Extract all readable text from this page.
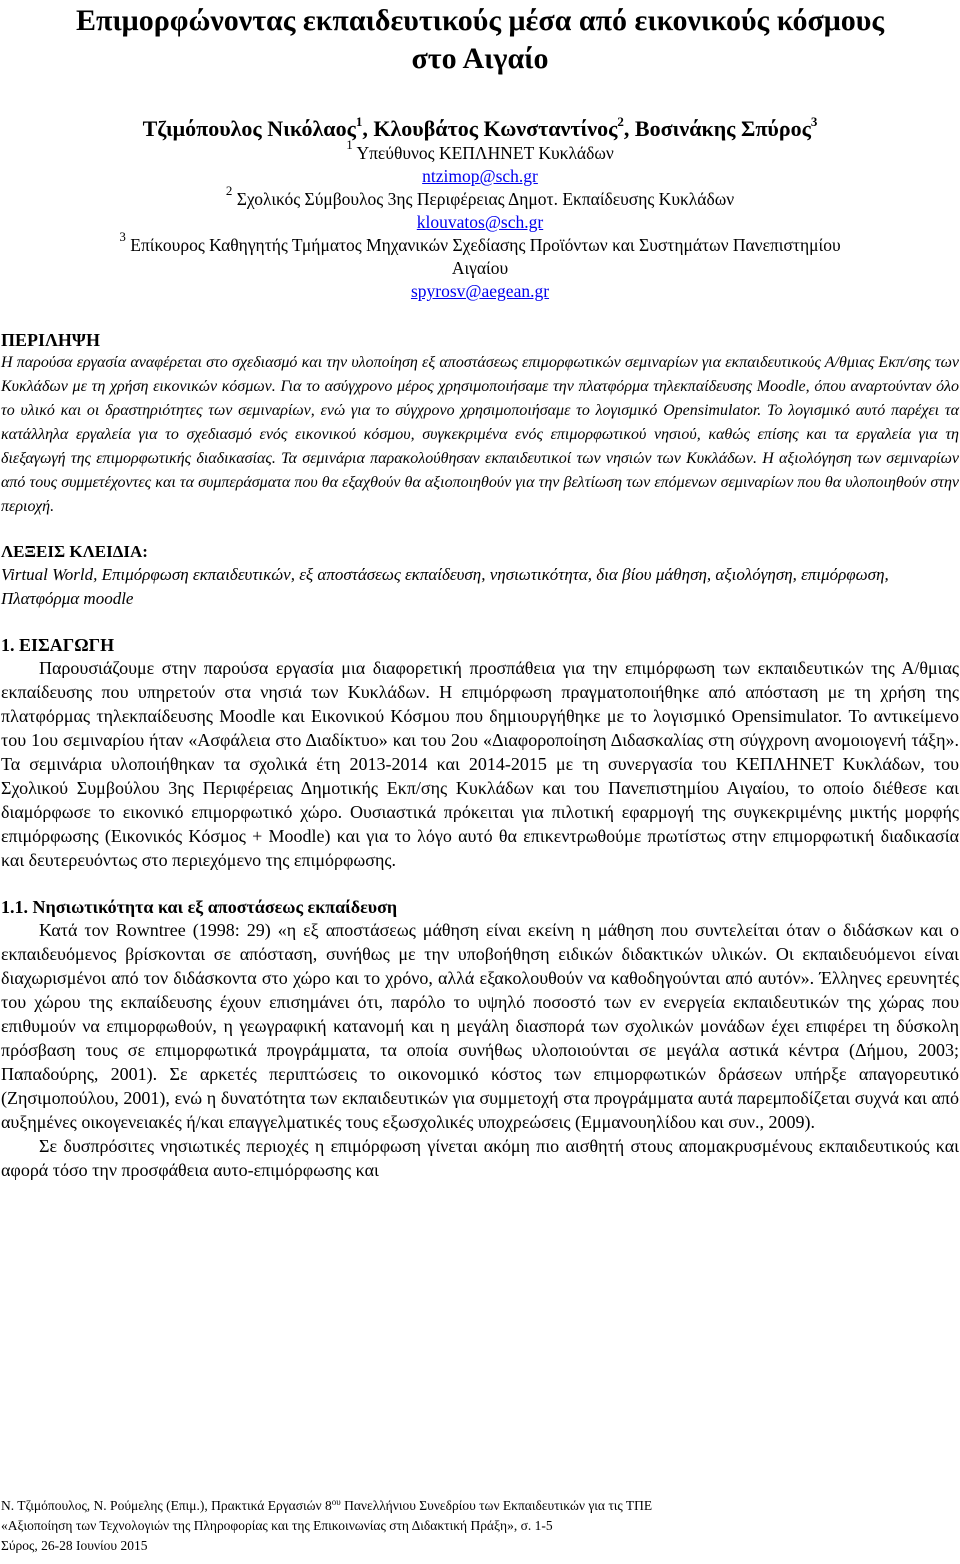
Επιμορφώνοντας εκπαιδευτικούς μέσα από εικονικούς κόσμους
στο Αιγαίο
Τζιμόπουλος Νικόλαος$^1$, Κλουβάτος Κωνσταντίνος$^2$, Βοσινάκης Σπύρος$^3$
$^1$ Υπεύθυνος ΚΕΠΛΗΝΕΤ Κυκλάδων
ntzimop@sch.gr
$^2$ Σχολικός Σύμβουλος 3ης Περιφέρειας Δημοτ. Εκπαίδευσης Κυκλάδων
klouvatos@sch.gr
$^3$ Επίκουρος Καθηγητής Τμήματος Μηχανικών Σχεδίασης Προϊόντων και Συστημάτων Πανεπιστημίου
Αιγαίου
spyrosv@aegean.gr
ΠΕΡΙΛΗΨΗ

Η παρούσα εργασία αναφέρεται στο σχεδιασμό και την υλοποίηση εξ αποστάσεως επιμορφωτικών σεμιναρίων για εκπαιδευτικούς Α/θμιας Εκπ/σης των Κυκλάδων με τη χρήση εικονικών κόσμων. Για το ασύγχρονο μέρος χρησιμοποιήσαμε την πλατφόρμα τηλεκπαίδευσης Moodle, όπου αναρτούνταν όλο το υλικό και οι δραστηριότητες των σεμιναρίων, ενώ για το σύγχρονο χρησιμοποιήσαμε το λογισμικό Opensimulator. Το λογισμικό αυτό παρέχει τα κατάλληλα εργαλεία για το σχεδιασμό ενός εικονικού κόσμου, συγκεκριμένα ενός επιμορφωτικού νησιού, καθώς επίσης και τα εργαλεία για τη διεξαγωγή της επιμορφωτικής διαδικασίας. Τα σεμινάρια παρακολούθησαν εκπαιδευτικοί των νησιών των Κυκλάδων. Η αξιολόγηση των σεμιναρίων από τους συμμετέχοντες και τα συμπεράσματα που θα εξαχθούν θα αξιοποιηθούν για την βελτίωση των επόμενων σεμιναρίων που θα υλοποιηθούν στην περιοχή.

ΛΕΞΕΙΣ ΚΛΕΙΔΙΑ:

Virtual World, Επιμόρφωση εκπαιδευτικών, εξ αποστάσεως εκπαίδευση, νησιωτικότητα, δια βίου μάθηση, αξιολόγηση, επιμόρφωση, Πλατφόρμα moodle

1. ΕΙΣΑΓΩΓΗ

Παρουσιάζουμε στην παρούσα εργασία μια διαφορετική προσπάθεια για την επιμόρφωση των εκπαιδευτικών της Α/θμιας εκπαίδευσης που υπηρετούν στα νησιά των Κυκλάδων. Η επιμόρφωση πραγματοποιήθηκε από απόσταση με τη χρήση της πλατφόρμας τηλεκπαίδευσης Moodle και Εικονικού Κόσμου που δημιουργήθηκε με το λογισμικό Opensimulator. Το αντικείμενο του 1ου σεμιναρίου ήταν «Ασφάλεια στο Διαδίκτυο» και του 2ου «Διαφοροποίηση Διδασκαλίας στη σύγχρονη ανομοιογενή τάξη». Τα σεμινάρια υλοποιήθηκαν τα σχολικά έτη 2013-2014 και 2014-2015 με τη συνεργασία του ΚΕΠΛΗΝΕΤ Κυκλάδων, του Σχολικού Συμβούλου 3ης Περιφέρειας Δημοτικής Εκπ/σης Κυκλάδων και του Πανεπιστημίου Αιγαίου, το οποίο διέθεσε και διαμόρφωσε το εικονικό επιμορφωτικό χώρο. Ουσιαστικά πρόκειται για πιλοτική εφαρμογή της συγκεκριμένης μικτής μορφής επιμόρφωσης (Εικονικός Κόσμος + Moodle) και για το λόγο αυτό θα επικεντρωθούμε πρωτίστως στην επιμορφωτική διαδικασία και δευτερευόντως στο περιεχόμενο της επιμόρφωσης.

1.1. Νησιωτικότητα και εξ αποστάσεως εκπαίδευση

Κατά τον Rowntree (1998: 29) «η εξ αποστάσεως μάθηση είναι εκείνη η μάθηση που συντελείται όταν ο διδάσκων και ο εκπαιδευόμενος βρίσκονται σε απόσταση, συνήθως με την υποβοήθηση ειδικών διδακτικών υλικών. Οι εκπαιδευόμενοι είναι διαχωρισμένοι από τον διδάσκοντα στο χώρο και το χρόνο, αλλά εξακολουθούν να καθοδηγούνται από αυτόν». Έλληνες ερευνητές του χώρου της εκπαίδευσης έχουν επισημάνει ότι, παρόλο το υψηλό ποσοστό των εν ενεργεία εκπαιδευτικών της χώρας που επιθυμούν να επιμορφωθούν, η γεωγραφική κατανομή και η μεγάλη διασπορά των σχολικών μονάδων έχει επιφέρει τη δύσκολη πρόσβαση τους σε επιμορφωτικά προγράμματα, τα οποία συνήθως υλοποιούνται σε μεγάλα αστικά κέντρα (Δήμου, 2003; Παπαδούρης, 2001). Σε αρκετές περιπτώσεις το οικονομικό κόστος των επιμορφωτικών δράσεων υπήρξε απαγορευτικό (Ζησιμοπούλου, 2001), ενώ η δυνατότητα των εκπαιδευτικών για συμμετοχή στα προγράμματα αυτά παρεμποδίζεται συχνά και από αυξημένες οικογενειακές ή/και επαγγελματικές τους εξωσχολικές υποχρεώσεις (Εμμανουηλίδου και συν., 2009).

Σε δυσπρόσιτες νησιωτικές περιοχές η επιμόρφωση γίνεται ακόμη πιο αισθητή στους απομακρυσμένους εκπαιδευτικούς και αφορά τόσο την προσφάθεια αυτο-επιμόρφωσης και

Ν. Τζιμόπουλος, Ν. Ρούμελης (Επιμ.), Πρακτικά Εργασιών $8^{o\upsilon}$ Πανελλήνιου Συνεδρίου των Εκπαιδευτικών για τις ΤΠΕ
«Αξιοποίηση των Τεχνολογιών της Πληροφορίας και της Επικοινωνίας στη Διδακτική Πράξη», σ. 1-5
Σύρος, 26-28 Ιουνίου 2015
